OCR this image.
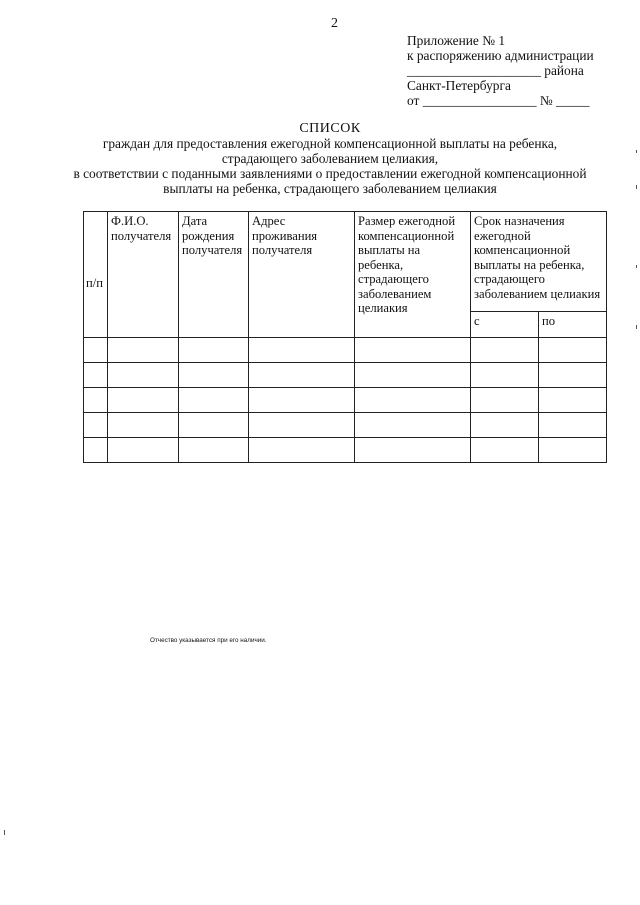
2
Приложение № 1
к распоряжению администрации
____________________ района
Санкт-Петербурга
от _________________ № _____
СПИСОК
граждан для предоставления ежегодной компенсационной выплаты на ребенка,
страдающего заболеванием целиакия,
в соответствии с поданными заявлениями о предоставлении ежегодной компенсационной
выплаты на ребенка, страдающего заболеванием целиакия
п/п	Ф.И.О. получателя	Дата рождения получателя	Адрес проживания получателя	Размер ежегодной компенсационной выплаты на ребенка, страдающего заболеванием целиакия	Срок назначения ежегодной компенсационной выплаты на ребенка, страдающего заболеванием целиакия	
					с	по

Отчество указывается при его наличии.
